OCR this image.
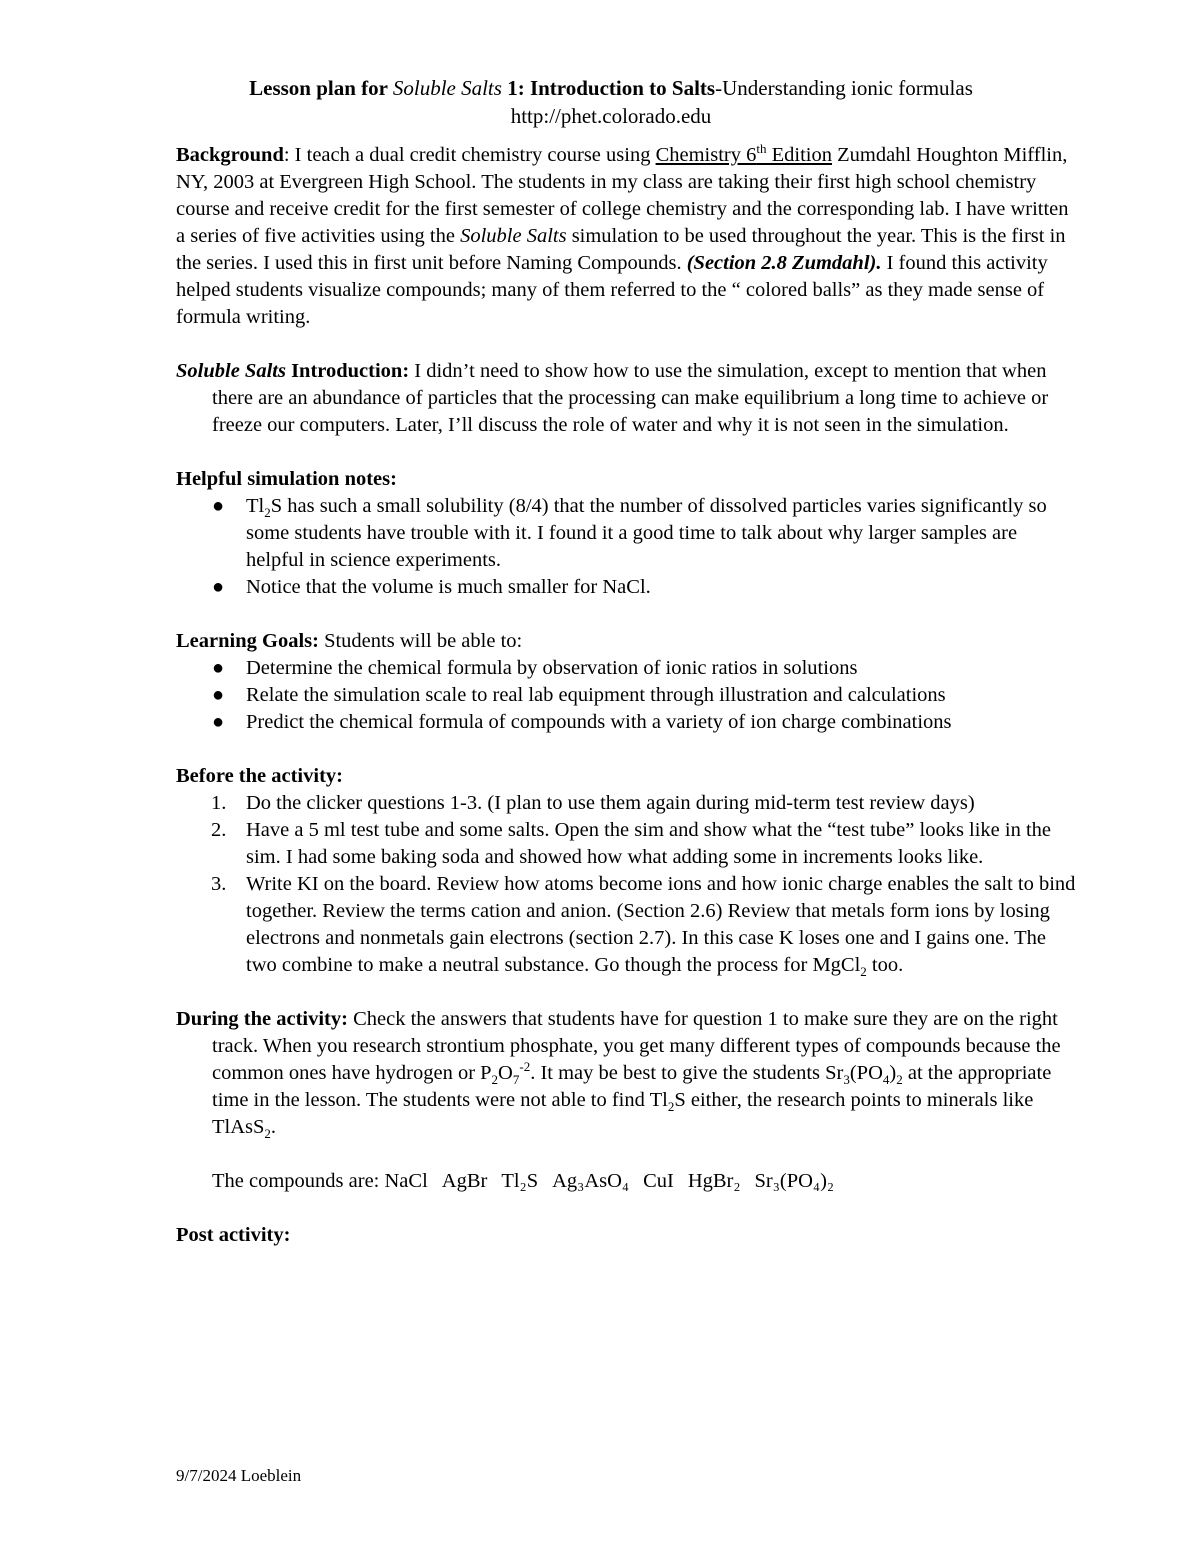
Lesson plan for Soluble Salts 1: Introduction to Salts-Understanding ionic formulas
http://phet.colorado.edu

Background: I teach a dual credit chemistry course using Chemistry 6th Edition Zumdahl Houghton Mifflin, NY, 2003 at Evergreen High School. The students in my class are taking their first high school chemistry course and receive credit for the first semester of college chemistry and the corresponding lab. I have written a series of five activities using the Soluble Salts simulation to be used throughout the year. This is the first in the series. I used this in first unit before Naming Compounds. (Section 2.8 Zumdahl). I found this activity helped students visualize compounds; many of them referred to the “ colored balls” as they made sense of formula writing.

Soluble Salts Introduction: I didn’t need to show how to use the simulation, except to mention that when there are an abundance of particles that the processing can make equilibrium a long time to achieve or freeze our computers. Later, I’ll discuss the role of water and why it is not seen in the simulation.

Helpful simulation notes:

● $Tl_2S$ has such a small solubility (8/4) that the number of dissolved particles varies significantly so some students have trouble with it. I found it a good time to talk about why larger samples are helpful in science experiments.
● Notice that the volume is much smaller for NaCl.

Learning Goals: Students will be able to:

● Determine the chemical formula by observation of ionic ratios in solutions
● Relate the simulation scale to real lab equipment through illustration and calculations
● Predict the chemical formula of compounds with a variety of ion charge combinations

Before the activity:

1. Do the clicker questions 1-3. (I plan to use them again during mid-term test review days)
2. Have a 5 ml test tube and some salts. Open the sim and show what the “test tube” looks like in the sim. I had some baking soda and showed how what adding some in increments looks like.
3. Write KI on the board. Review how atoms become ions and how ionic charge enables the salt to bind together. Review the terms cation and anion. (Section 2.6) Review that metals form ions by losing electrons and nonmetals gain electrons (section 2.7). In this case K loses one and I gains one. The two combine to make a neutral substance. Go though the process for MgCl$_2$ too.

During the activity: Check the answers that students have for question 1 to make sure they are on the right track. When you research strontium phosphate, you get many different types of compounds because the common ones have hydrogen or $P_2O_7^{-2}$. It may be best to give the students $Sr_3(PO_4)_2$ at the appropriate time in the lesson. The students were not able to find $Tl_2S$ either, the research points to minerals like TlAsS$_2$.

The compounds are: NaCl AgBr Tl₂S Ag₃AsO₄ CuI HgBr₂ Sr₃(PO₄)₂

Post activity:

9/7/2024 Loeblein
